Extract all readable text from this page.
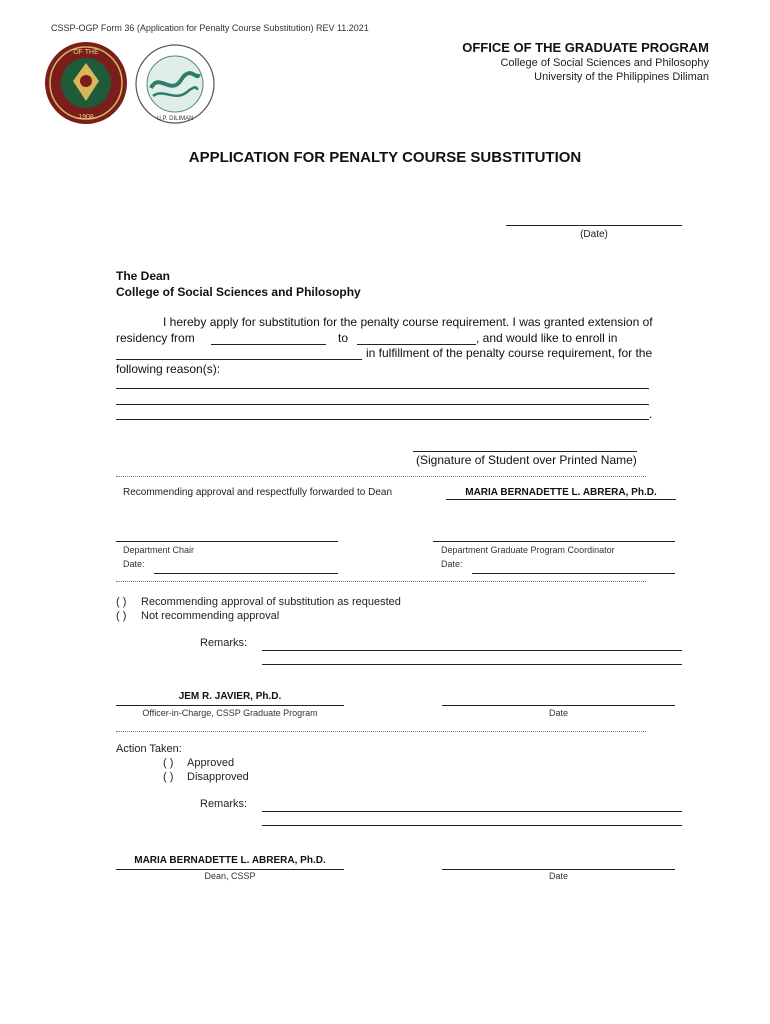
CSSP-OGP Form 36 (Application for Penalty Course Substitution) REV 11.2021
OF THE
1908	U.P. DILIMAN
OFFICE OF THE GRADUATE PROGRAM
College of Social Sciences and Philosophy
University of the Philippines Diliman
APPLICATION FOR PENALTY COURSE SUBSTITUTION
(Date)
The Dean
College of Social Sciences and Philosophy
I hereby apply for substitution for the penalty course requirement. I was granted extension of
residency from	to	, and would like to enroll in
in fulfillment of the penalty course requirement, for the
following reason(s):
.
(Signature of Student over Printed Name)
Recommending approval and respectfully forwarded to Dean	MARIA BERNADETTE L. ABRERA, Ph.D.
Department Chair
Date:
Department Graduate Program Coordinator
Date:
( ) Recommending approval of substitution as requested
( ) Not recommending approval
Remarks:
JEM R. JAVIER, Ph.D.
Officer-in-Charge, CSSP Graduate Program	Date
Action Taken:
( ) Approved
( ) Disapproved
Remarks:
MARIA BERNADETTE L. ABRERA, Ph.D.
Dean, CSSP	Date
